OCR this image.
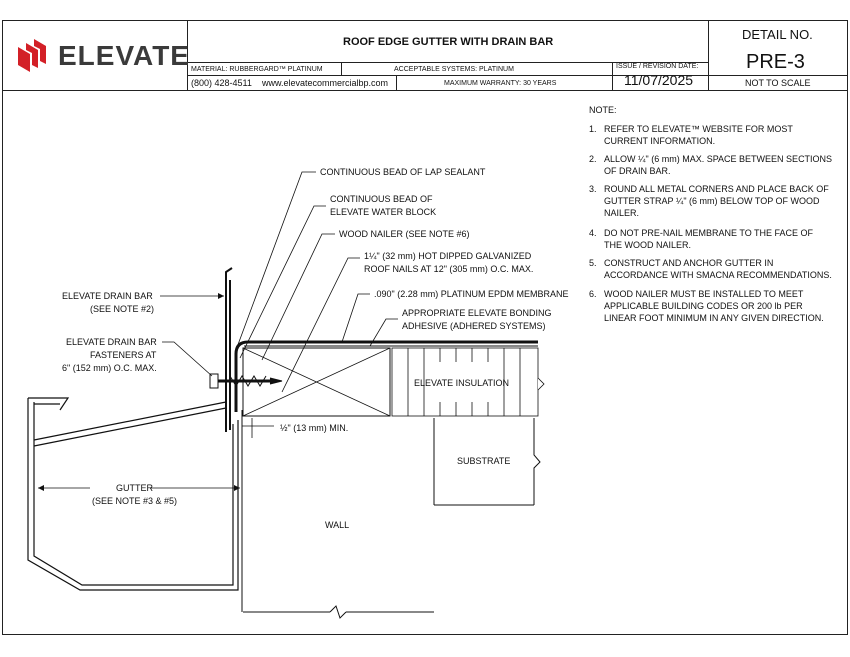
ELEVATE	ROOF EDGE GUTTER WITH DRAIN BAR
MATERIAL: RUBBERGARD™ PLATINUM	ACCEPTABLE SYSTEMS: PLATINUM
(800) 428-4511 www.elevatecommercialbp.com	MAXIMUM WARRANTY: 30 YEARS
ISSUE / REVISION DATE:
11/07/2025
DETAIL NO.
PRE-3
NOT TO SCALE
NOTE:
1. REFER TO ELEVATE™ WEBSITE FOR MOST
CURRENT INFORMATION.
2. ALLOW ¼" (6 mm) MAX. SPACE BETWEEN SECTIONS
OF DRAIN BAR.
3. ROUND ALL METAL CORNERS AND PLACE BACK OF
GUTTER STRAP ¼" (6 mm) BELOW TOP OF WOOD
NAILER.
4. DO NOT PRE-NAIL MEMBRANE TO THE FACE OF
THE WOOD NAILER.
5. CONSTRUCT AND ANCHOR GUTTER IN
ACCORDANCE WITH SMACNA RECOMMENDATIONS.
6. WOOD NAILER MUST BE INSTALLED TO MEET
APPLICABLE BUILDING CODES OR 200 lb PER
LINEAR FOOT MINIMUM IN ANY GIVEN DIRECTION.
CONTINUOUS BEAD OF LAP SEALANT
CONTINUOUS BEAD OF
ELEVATE WATER BLOCK
WOOD NAILER (SEE NOTE #6)
1¼" (32 mm) HOT DIPPED GALVANIZED
ROOF NAILS AT 12" (305 mm) O.C. MAX.
.090" (2.28 mm) PLATINUM EPDM MEMBRANE
APPROPRIATE ELEVATE BONDING
ADHESIVE (ADHERED SYSTEMS)
ELEVATE DRAIN BAR
(SEE NOTE #2)
ELEVATE DRAIN BAR
FASTENERS AT
6" (152 mm) O.C. MAX.
ELEVATE INSULATION
½" (13 mm) MIN.
SUBSTRATE
GUTTER
(SEE NOTE #3 & #5)
WALL
